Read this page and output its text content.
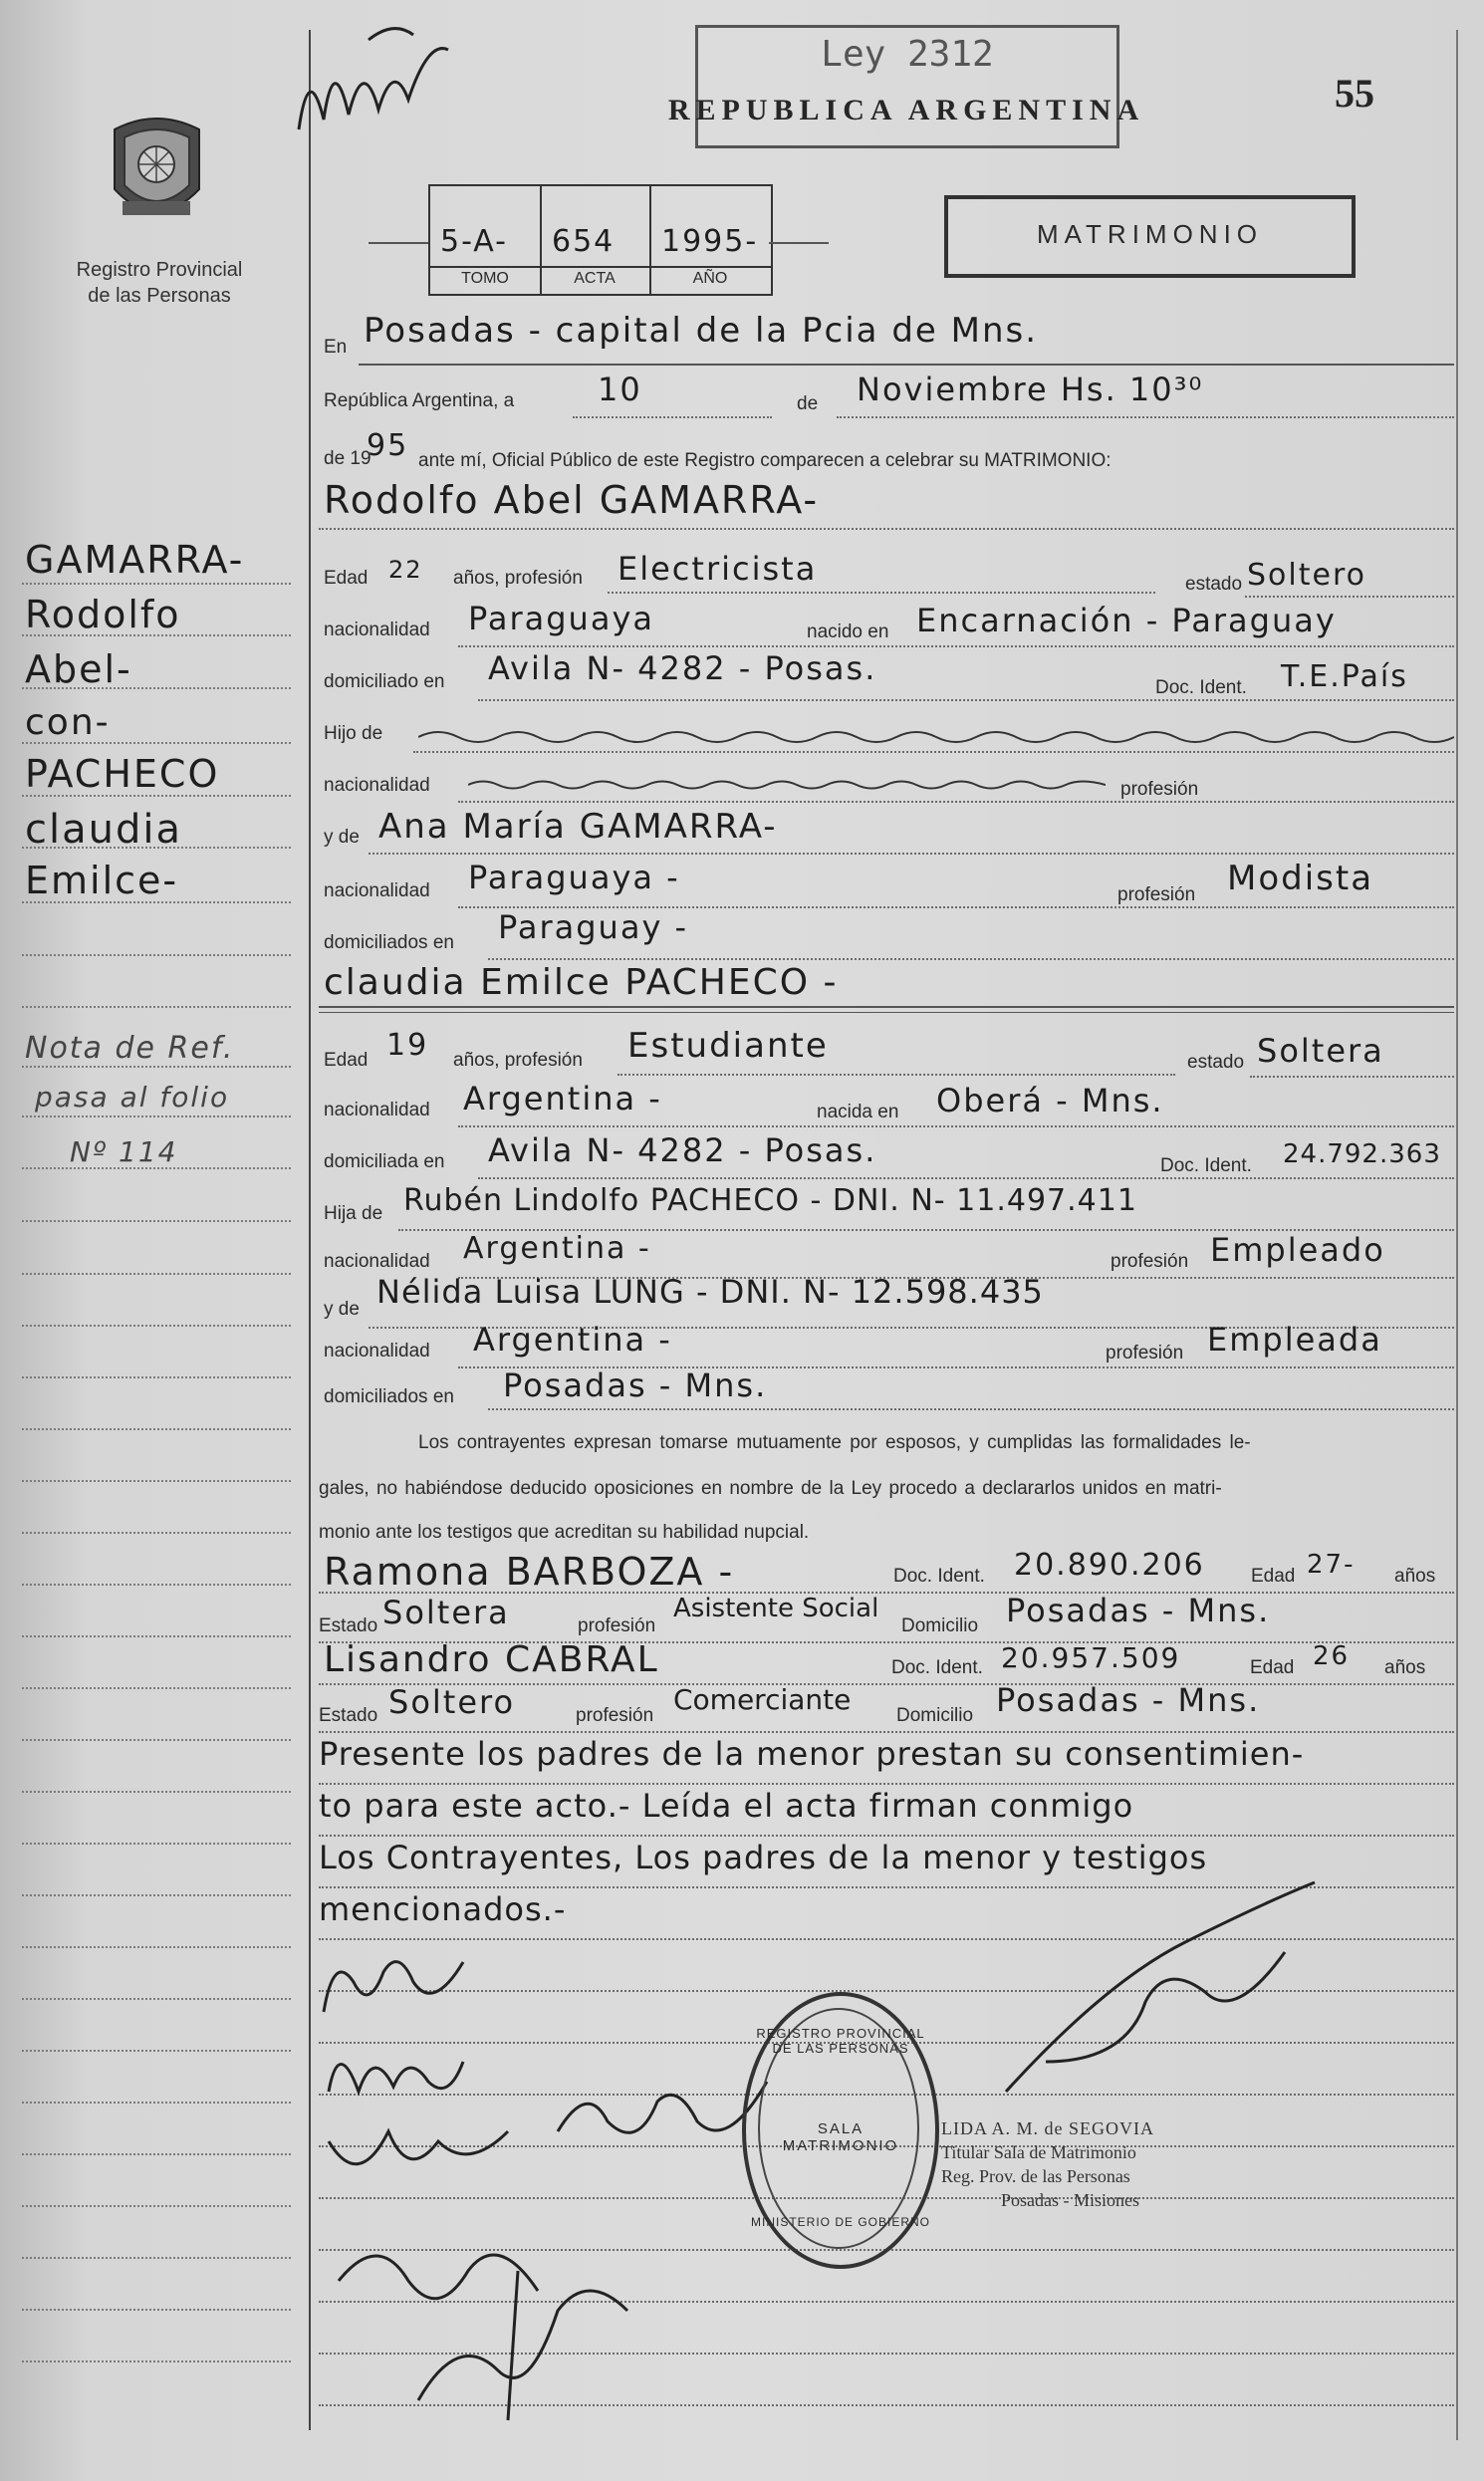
Registro Provincial
de las Personas
Ley 2312
REPUBLICA ARGENTINA	55
5-A- 654 1995-
TOMO	ACTA	AÑO
MATRIMONIO
En Posadas - capital de la Pcia de Mns.
República Argentina, a	10	de Noviembre Hs. 10³⁰
de 19
95 ante mí, Oficial Público de este Registro comparecen a celebrar su MATRIMONIO:
GAMARRA-
Rodolfo
Abel-
con-
PACHECO
claudia
Emilce-
Nota de Ref.
pasa al folio
Nº 114
Rodolfo Abel GAMARRA-
Edad 22 años, profesión Electricista	estado Soltero
nacionalidad Paraguaya	nacido en Encarnación - Paraguay
domiciliado en Avila N- 4282 - Posas.
Doc. Ident. T.E.País
Hijo de
nacionalidad	profesión
y de Ana María GAMARRA-
nacionalidad Paraguaya -	profesión Modista
domiciliados en Paraguay -
claudia Emilce PACHECO -
Edad 19 años, profesión Estudiante	estado Soltera
nacionalidad Argentina -	nacida en Oberá - Mns.
domiciliada en Avila N- 4282 - Posas.	Doc. Ident. 24.792.363
Hija de Rubén Lindolfo PACHECO - DNI. N- 11.497.411
nacionalidad Argentina -	profesión Empleado
y de Nélida Luisa LUNG - DNI. N- 12.598.435
nacionalidad Argentina -	profesión Empleada
domiciliados en Posadas - Mns.
Los contrayentes expresan tomarse mutuamente por esposos, y cumplidas las formalidades le-
gales, no habiéndose deducido oposiciones en nombre de la Ley procedo a declararlos unidos en matri-
monio ante los testigos que acreditan su habilidad nupcial.
Ramona BARBOZA -	Doc. Ident. 20.890.206 Edad 27- años
Estado Soltera	profesión
Asistente Social
Domicilio Posadas - Mns.
Lisandro CABRAL	Doc. Ident. 20.957.509	Edad 26 años
Estado Soltero	profesión Comerciante Domicilio Posadas - Mns.
Presente los padres de la menor prestan su consentimien-
to para este acto.- Leída el acta firman conmigo
Los Contrayentes, Los padres de la menor y testigos
mencionados.-
REGISTRO PROVINCIAL DE LAS PERSONAS
SALA MATRIMONIO
MINISTERIO DE GOBIERNO
LIDA A. M. de SEGOVIA
Titular Sala de Matrimonio
Reg. Prov. de las Personas
Posadas - Misiones
